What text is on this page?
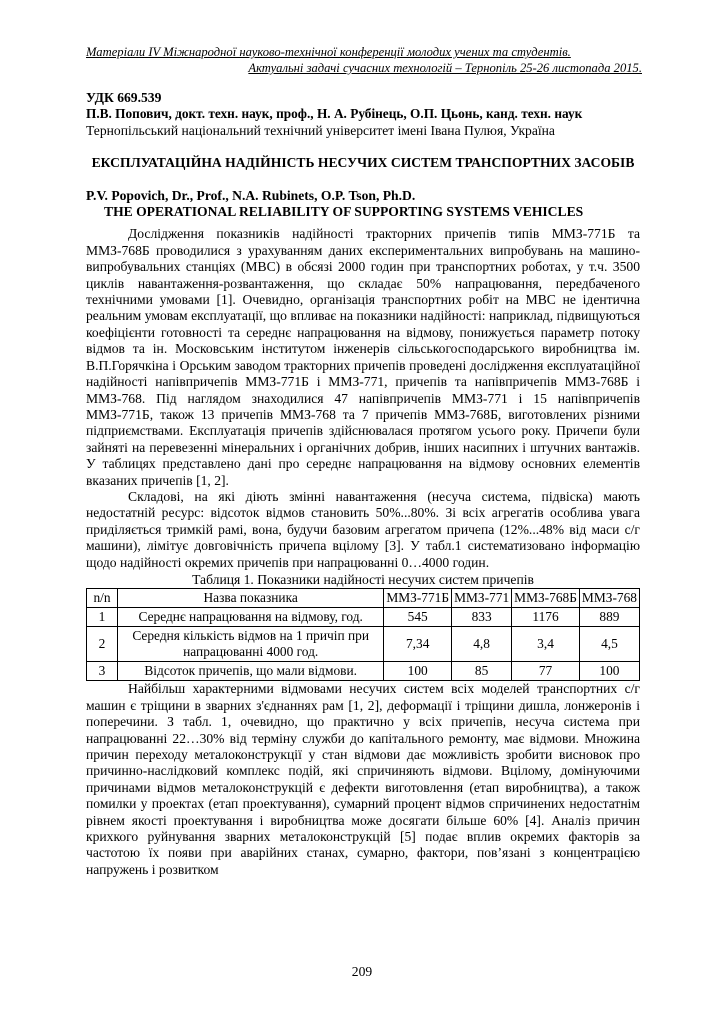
Матеріали IV Міжнародної науково-технічної конференції молодих учених та студентів.
Актуальні задачі сучасних технологій – Тернопіль 25-26 листопада 2015.
УДК 669.539
П.В. Попович, докт. техн. наук, проф., Н. А. Рубінець, О.П. Цьонь, канд. техн. наук
Тернопільський національний технічний університет імені Івана Пулюя, Україна
ЕКСПЛУАТАЦІЙНА НАДІЙНІСТЬ НЕСУЧИХ СИСТЕМ ТРАНСПОРТНИХ ЗАСОБІВ
P.V. Popovich, Dr., Prof., N.A. Rubinets, O.P. Tson, Ph.D.
THE OPERATIONAL RELIABILITY OF SUPPORTING SYSTEMS VEHICLES

Дослідження показників надійності тракторних причепів типів ММЗ-771Б та ММЗ-768Б проводилися з урахуванням даних експериментальних випробувань на машино-випробувальних станціях (МВС) в обсязі 2000 годин при транспортних роботах, у т.ч. 3500 циклів навантаження-розвантаження, що складає 50% напрацювання, передбаченого технічними умовами [1]. Очевидно, організація транспортних робіт на МВС не ідентична реальним умовам експлуатації, що впливає на показники надійності: наприклад, підвищуються коефіцієнти готовності та середнє напрацювання на відмову, понижується параметр потоку відмов та ін. Московським інститутом інженерів сільськогосподарського виробництва ім. В.П.Горячкіна і Орським заводом тракторних причепів проведені дослідження експлуатаційної надійності напівпричепів ММЗ-771Б і ММЗ-771, причепів та напівпричепів ММЗ-768Б і ММЗ-768. Під наглядом знаходилися 47 напівпричепів ММЗ-771 і 15 напівпричепів ММЗ-771Б, також 13 причепів ММЗ-768 та 7 причепів ММЗ-768Б, виготовлених різними підприємствами. Експлуатація причепів здійснювалася протягом усього року. Причепи були зайняті на перевезенні мінеральних і органічних добрив, інших насипних і штучних вантажів. У таблицях представлено дані про середнє напрацювання на відмову основних елементів вказаних причепів [1, 2].

Складові, на які діють змінні навантаження (несуча система, підвіска) мають недостатній ресурс: відсоток відмов становить 50%...80%. Зі всіх агрегатів особлива увага приділяється тримкій рамі, вона, будучи базовим агрегатом причепа (12%...48% від маси с/г машини), лімітує довговічність причепа вцілому [3]. У табл.1 систематизовано інформацію щодо надійності окремих причепів при напрацюванні 0…4000 годин.

Таблиця 1. Показники надійності несучих систем причепів
n/n	Назва показника	ММЗ-771Б	ММЗ-771	ММЗ-768Б	ММЗ-768
1	Середнє напрацювання на відмову, год.	545	833	1176	889
2	Середня кількість відмов на 1 причіп при напрацюванні 4000 год.	7,34	4,8	3,4	4,5
3	Відсоток причепів, що мали відмови.	100	85	77	100

Найбільш характерними відмовами несучих систем всіх моделей транспортних с/г машин є тріщини в зварних з'єднаннях рам [1, 2], деформації і тріщини дишла, лонжеронів і поперечини. З табл. 1, очевидно, що практично у всіх причепів, несуча система при напрацюванні 22…30% від терміну служби до капітального ремонту, має відмови. Множина причин переходу металоконструкції у стан відмови дає можливість зробити висновок про причинно-наслідковий комплекс подій, які спричиняють відмови. Вцілому, домінуючими причинами відмов металоконструкцій є дефекти виготовлення (етап виробництва), а також помилки у проектах (етап проектування), сумарний процент відмов спричинених недостатнім рівнем якості проектування і виробництва може досягати більше 60% [4]. Аналіз причин крихкого руйнування зварних металоконструкцій [5] подає вплив окремих факторів за частотою їх появи при аварійних станах, сумарно, фактори, пов’язані з концентрацією напружень і розвитком

209
